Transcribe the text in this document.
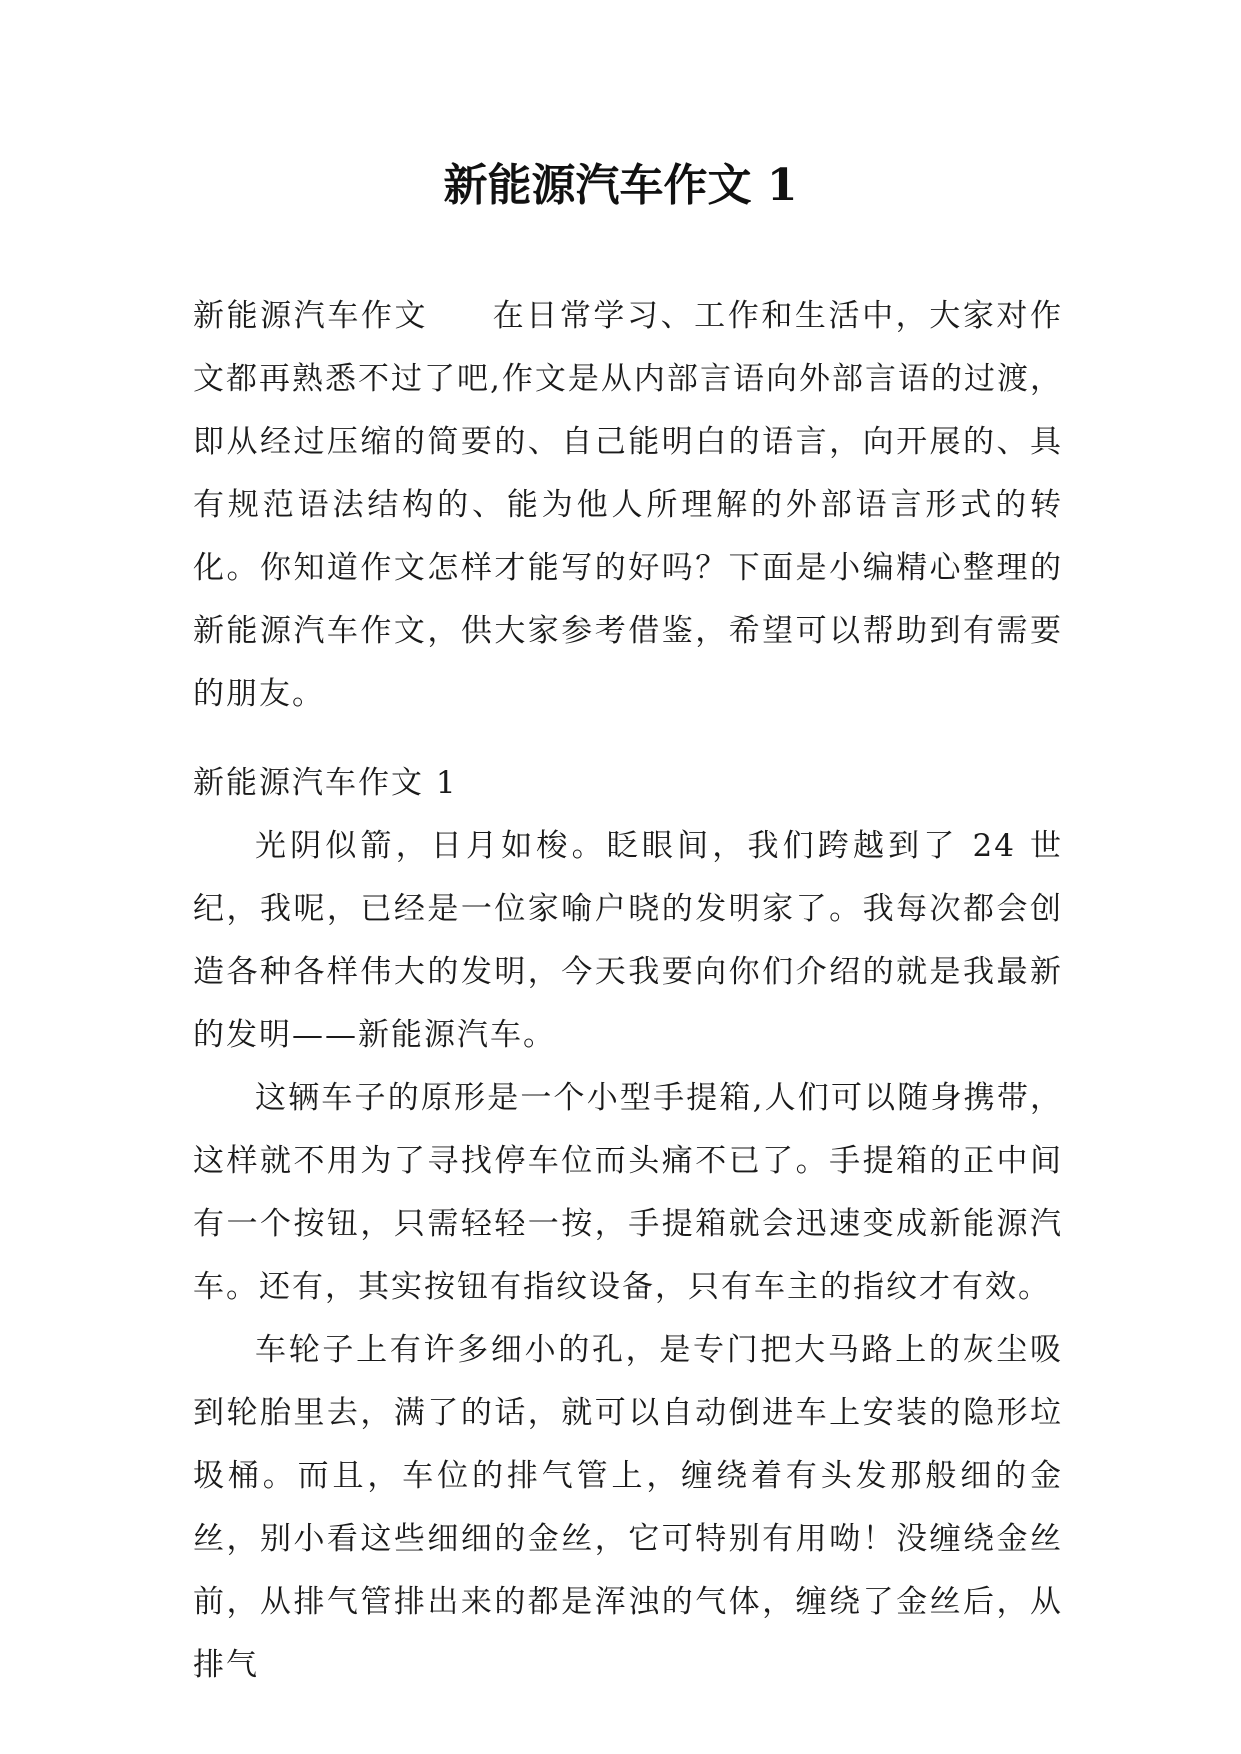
新能源汽车作文 1

新能源汽车作文 在日常学习、工作和生活中，大家对作文都再熟悉不过了吧,作文是从内部言语向外部言语的过渡，即从经过压缩的简要的、自己能明白的语言，向开展的、具有规范语法结构的、能为他人所理解的外部语言形式的转化。你知道作文怎样才能写的好吗？下面是小编精心整理的新能源汽车作文，供大家参考借鉴，希望可以帮助到有需要的朋友。

新能源汽车作文 1

光阴似箭，日月如梭。眨眼间，我们跨越到了 24 世纪，我呢，已经是一位家喻户晓的发明家了。我每次都会创造各种各样伟大的发明，今天我要向你们介绍的就是我最新的发明——新能源汽车。

这辆车子的原形是一个小型手提箱,人们可以随身携带，这样就不用为了寻找停车位而头痛不已了。手提箱的正中间有一个按钮，只需轻轻一按，手提箱就会迅速变成新能源汽车。还有，其实按钮有指纹设备，只有车主的指纹才有效。

车轮子上有许多细小的孔，是专门把大马路上的灰尘吸到轮胎里去，满了的话，就可以自动倒进车上安装的隐形垃圾桶。而且，车位的排气管上，缠绕着有头发那般细的金丝，别小看这些细细的金丝，它可特别有用呦！没缠绕金丝前，从排气管排出来的都是浑浊的气体，缠绕了金丝后，从排气
